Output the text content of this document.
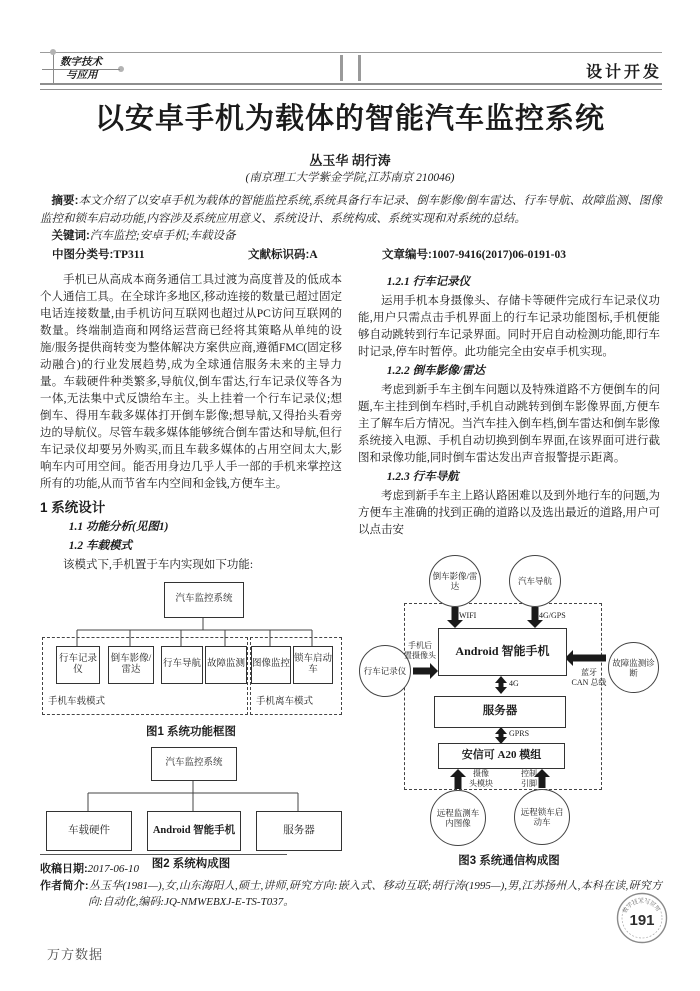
数字技术
与应用	设计开发
以安卓手机为载体的智能汽车监控系统
丛玉华 胡行涛
(南京理工大学紫金学院,江苏南京 210046)

摘要:本文介绍了以安卓手机为载体的智能监控系统,系统具备行车记录、倒车影像/倒车雷达、行车导航、故障监测、图像监控和锁车启动功能,内容涉及系统应用意义、系统设计、系统构成、系统实现和对系统的总结。

关键词:汽车监控;安卓手机;车载设备

中图分类号:TP311	文献标识码:A	文章编号:1007-9416(2017)06-0191-03

手机已从高成本商务通信工具过渡为高度普及的低成本个人通信工具。在全球许多地区,移动连接的数量已超过固定电话连接数量,由手机访问互联网也超过从PC访问互联网的数量。终端制造商和网络运营商已经将其策略从单纯的设施/服务提供商转变为整体解决方案供应商,遵循FMC(固定移动融合)的行业发展趋势,成为全球通信服务未来的主导力量。车载硬件种类繁多,导航仪,倒车雷达,行车记录仪等各为一体,无法集中式反馈给车主。头上挂着一个行车记录仪;想倒车、得用车载多媒体打开倒车影像;想导航,又得抬头看旁边的导航仪。尽管车载多媒体能够统合倒车雷达和导航,但行车记录仪却要另外购买,而且车载多媒体的占用空间太大,影响车内可用空间。能否用身边几乎人手一部的手机来掌控这所有的功能,从而节省车内空间和金钱,方便车主。

1 系统设计

1.1 功能分析(见图1)

1.2 车载模式

该模式下,手机置于车内实现如下功能:

汽车监控系统
行车记录仪
倒车影像/雷达
行车导航 故障监测 图像监控
锁车启动车
手机车载模式	手机离车模式

图1 系统功能框图

汽车监控系统
车载硬件	Android 智能手机	服务器

图2 系统构成图

1.2.1 行车记录仪

运用手机本身摄像头、存储卡等硬件完成行车记录仪功能,用户只需点击手机界面上的行车记录功能图标,手机便能够自动跳转到行车记录界面。同时开启自动检测功能,即行车时记录,停车时暂停。此功能完全由安卓手机实现。

1.2.2 倒车影像/雷达

考虑到新手车主倒车问题以及特殊道路不方便倒车的问题,车主挂到倒车档时,手机自动跳转到倒车影像界面,方便车主了解车后方情况。当汽车挂入倒车档,倒车雷达和倒车影像系统接入电源、手机自动切换到倒车界面,在该界面可进行截图和录像功能,同时倒车雷达发出声音报警提示距离。

1.2.3 行车导航

考虑到新手车主上路认路困难以及到外地行车的问题,为方便车主准确的找到正确的道路以及选出最近的道路,用户可以点击安

倒车影像/雷达	汽车导航
行车记录仪
故障监测诊断
Android 智能手机
服务器
安信可 A20 模组
远程监测车内图像
远程锁车启动车
手机后
置摄像头
WIFI	4G/GPS
蓝牙
CAN 总线
4G
GPRS
摄像
头模块
控制
引脚

图3 系统通信构成图

收稿日期:2017-06-10

作者简介:丛玉华(1981—),女,山东海阳人,硕士,讲师,研究方向:嵌入式、移动互联;胡行涛(1995—),男,江苏扬州人,本科在读,研究方向:自动化,编码:JQ-NMWEBXJ-E-TS-T037。

万方数据
数字技术与应用
191
